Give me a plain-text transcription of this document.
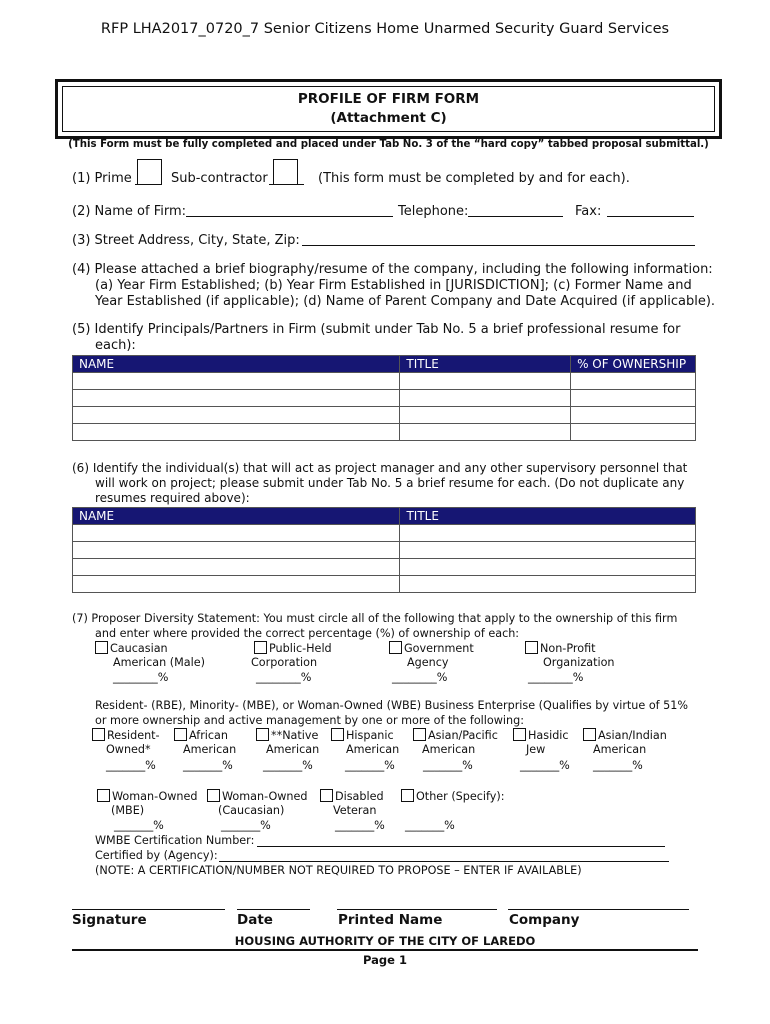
RFP LHA2017_0720_7 Senior Citizens Home Unarmed Security Guard Services
PROFILE OF FIRM FORM
(Attachment C)
(This Form must be fully completed and placed under Tab No. 3 of the “hard copy” tabbed proposal submittal.)
(1) Prime	Sub-contractor	(This form must be completed by and for each).
(2) Name of Firm:	Telephone:	Fax:
(3) Street Address, City, State, Zip:
(4) Please attached a brief biography/resume of the company, including the following information:
(a) Year Firm Established; (b) Year Firm Established in [JURISDICTION]; (c) Former Name and
Year Established (if applicable); (d) Name of Parent Company and Date Acquired (if applicable).
(5) Identify Principals/Partners in Firm (submit under Tab No. 5 a brief professional resume for
each):
NAME	TITLE	% OF OWNERSHIP

(6) Identify the individual(s) that will act as project manager and any other supervisory personnel that
will work on project; please submit under Tab No. 5 a brief resume for each. (Do not duplicate any
resumes required above):
NAME	TITLE

(7) Proposer Diversity Statement: You must circle all of the following that apply to the ownership of this firm
and enter where provided the correct percentage (%) of ownership of each:
Caucasian
American (Male)
________%
Public-Held
Corporation
________%
Government
Agency
________%
Non-Profit
Organization
________%
Resident- (RBE), Minority- (MBE), or Woman-Owned (WBE) Business Enterprise (Qualifies by virtue of 51%
or more ownership and active management by one or more of the following:
Resident-
Owned*
_______%
African
American
_______%
**Native
American
_______%
Hispanic
American
_______%
Asian/Pacific
American
_______%
Hasidic
Jew
_______%
Asian/Indian
American
_______%
Woman-Owned
(MBE)
_______%
Woman-Owned
(Caucasian)
_______%
Disabled
Veteran
_______%
Other (Specify):
_______%
WMBE Certification Number:
Certified by (Agency):
(NOTE: A CERTIFICATION/NUMBER NOT REQUIRED TO PROPOSE – ENTER IF AVAILABLE)
Signature	Date	Printed Name	Company
HOUSING AUTHORITY OF THE CITY OF LAREDO
Page 1
